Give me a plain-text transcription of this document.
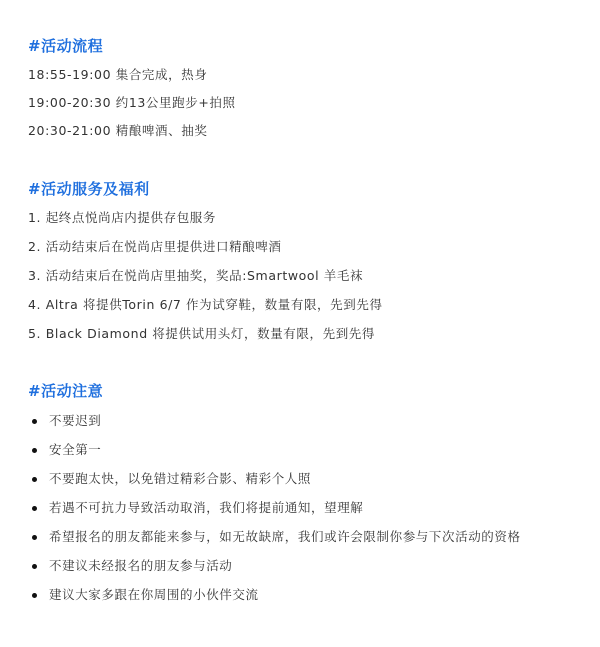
#活动流程
18:55-19:00 集合完成，热身
19:00-20:30 约13公里跑步+拍照
20:30-21:00 精酿啤酒、抽奖
#活动服务及福利
1. 起终点悦尚店内提供存包服务
2. 活动结束后在悦尚店里提供进口精酿啤酒
3. 活动结束后在悦尚店里抽奖，奖品:Smartwool 羊毛袜
4. Altra 将提供Torin 6/7 作为试穿鞋，数量有限，先到先得
5. Black Diamond 将提供试用头灯，数量有限，先到先得
#活动注意
不要迟到
安全第一
不要跑太快，以免错过精彩合影、精彩个人照
若遇不可抗力导致活动取消，我们将提前通知，望理解
希望报名的朋友都能来参与，如无故缺席，我们或许会限制你参与下次活动的资格
不建议未经报名的朋友参与活动
建议大家多跟在你周围的小伙伴交流
